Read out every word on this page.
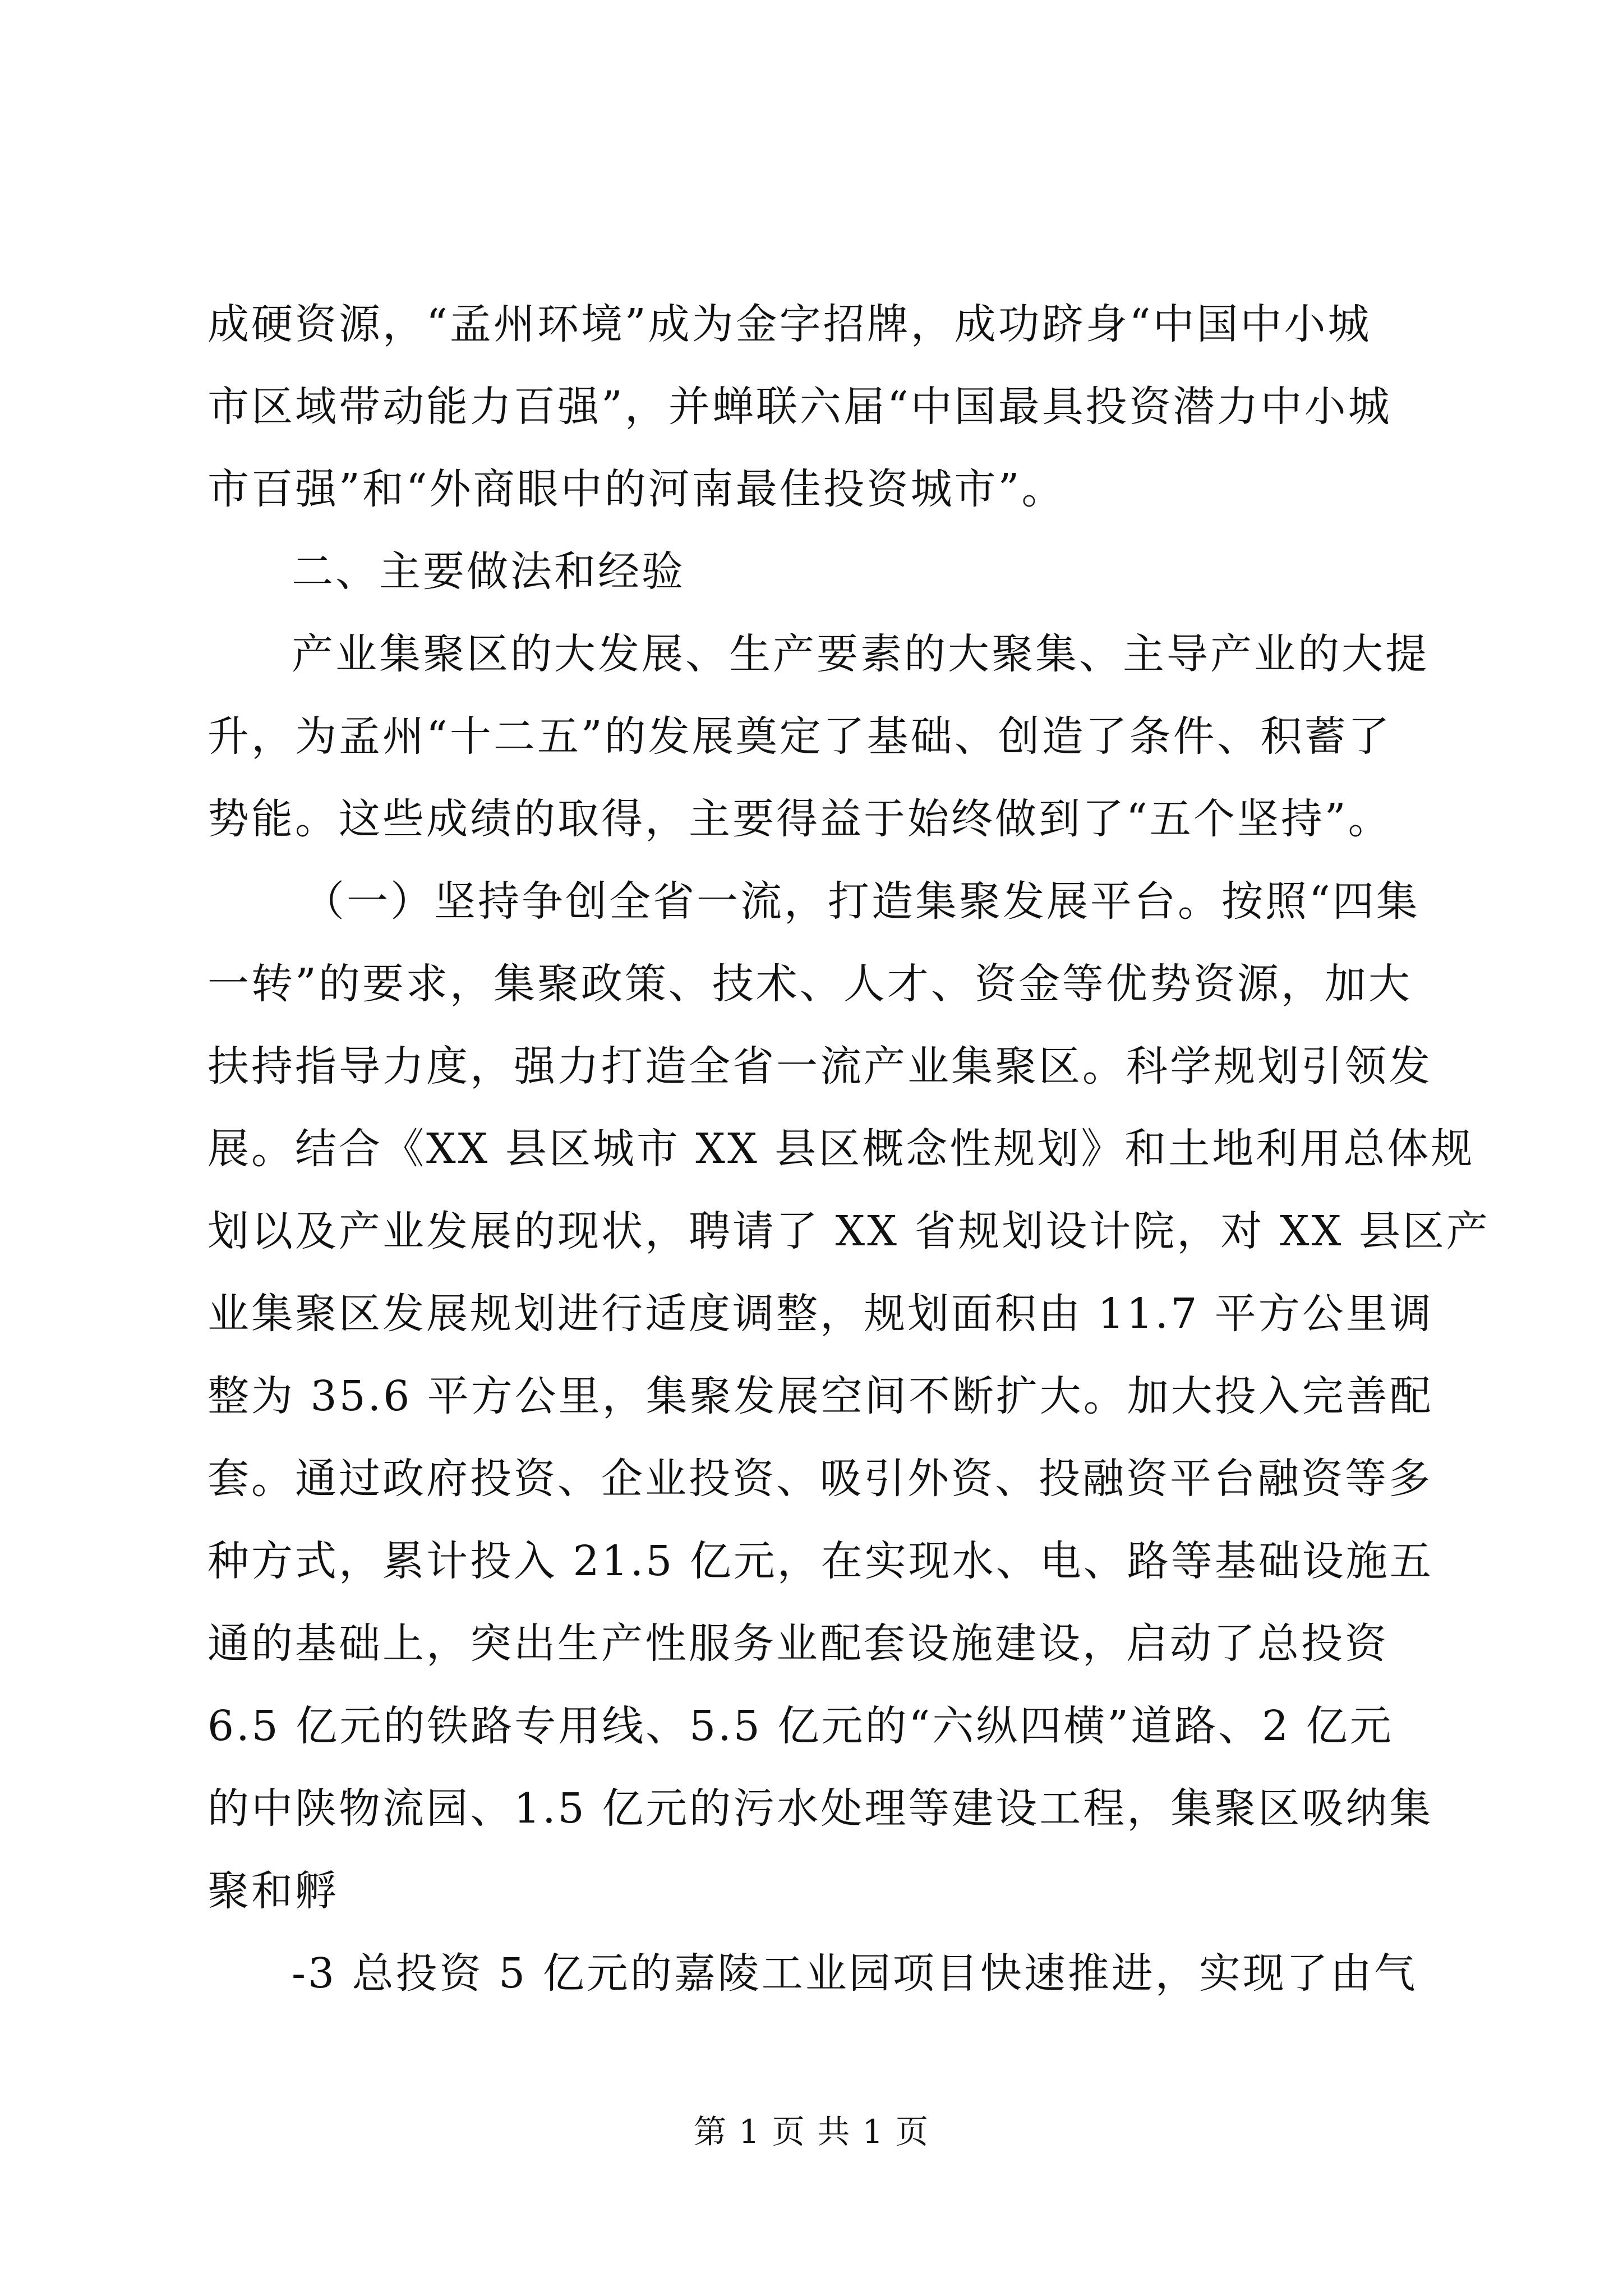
成硬资源，“孟州环境”成为金字招牌，成功跻身“中国中小城
市区域带动能力百强”，并蝉联六届“中国最具投资潜力中小城
市百强”和“外商眼中的河南最佳投资城市”。
二、主要做法和经验
产业集聚区的大发展、生产要素的大聚集、主导产业的大提
升，为孟州“十二五”的发展奠定了基础、创造了条件、积蓄了
势能。这些成绩的取得，主要得益于始终做到了“五个坚持”。
（一）坚持争创全省一流，打造集聚发展平台。按照“四集
一转”的要求，集聚政策、技术、人才、资金等优势资源，加大
扶持指导力度，强力打造全省一流产业集聚区。科学规划引领发
展。结合《XX 县区城市 XX 县区概念性规划》和土地利用总体规
划以及产业发展的现状，聘请了 XX 省规划设计院，对 XX 县区产
业集聚区发展规划进行适度调整，规划面积由 11.7 平方公里调
整为 35.6 平方公里，集聚发展空间不断扩大。加大投入完善配
套。通过政府投资、企业投资、吸引外资、投融资平台融资等多
种方式，累计投入 21.5 亿元，在实现水、电、路等基础设施五
通的基础上，突出生产性服务业配套设施建设，启动了总投资
6.5 亿元的铁路专用线、5.5 亿元的“六纵四横”道路、2 亿元
的中陕物流园、1.5 亿元的污水处理等建设工程，集聚区吸纳集
聚和孵
-3 总投资 5 亿元的嘉陵工业园项目快速推进，实现了由气
第 1 页 共 1 页
